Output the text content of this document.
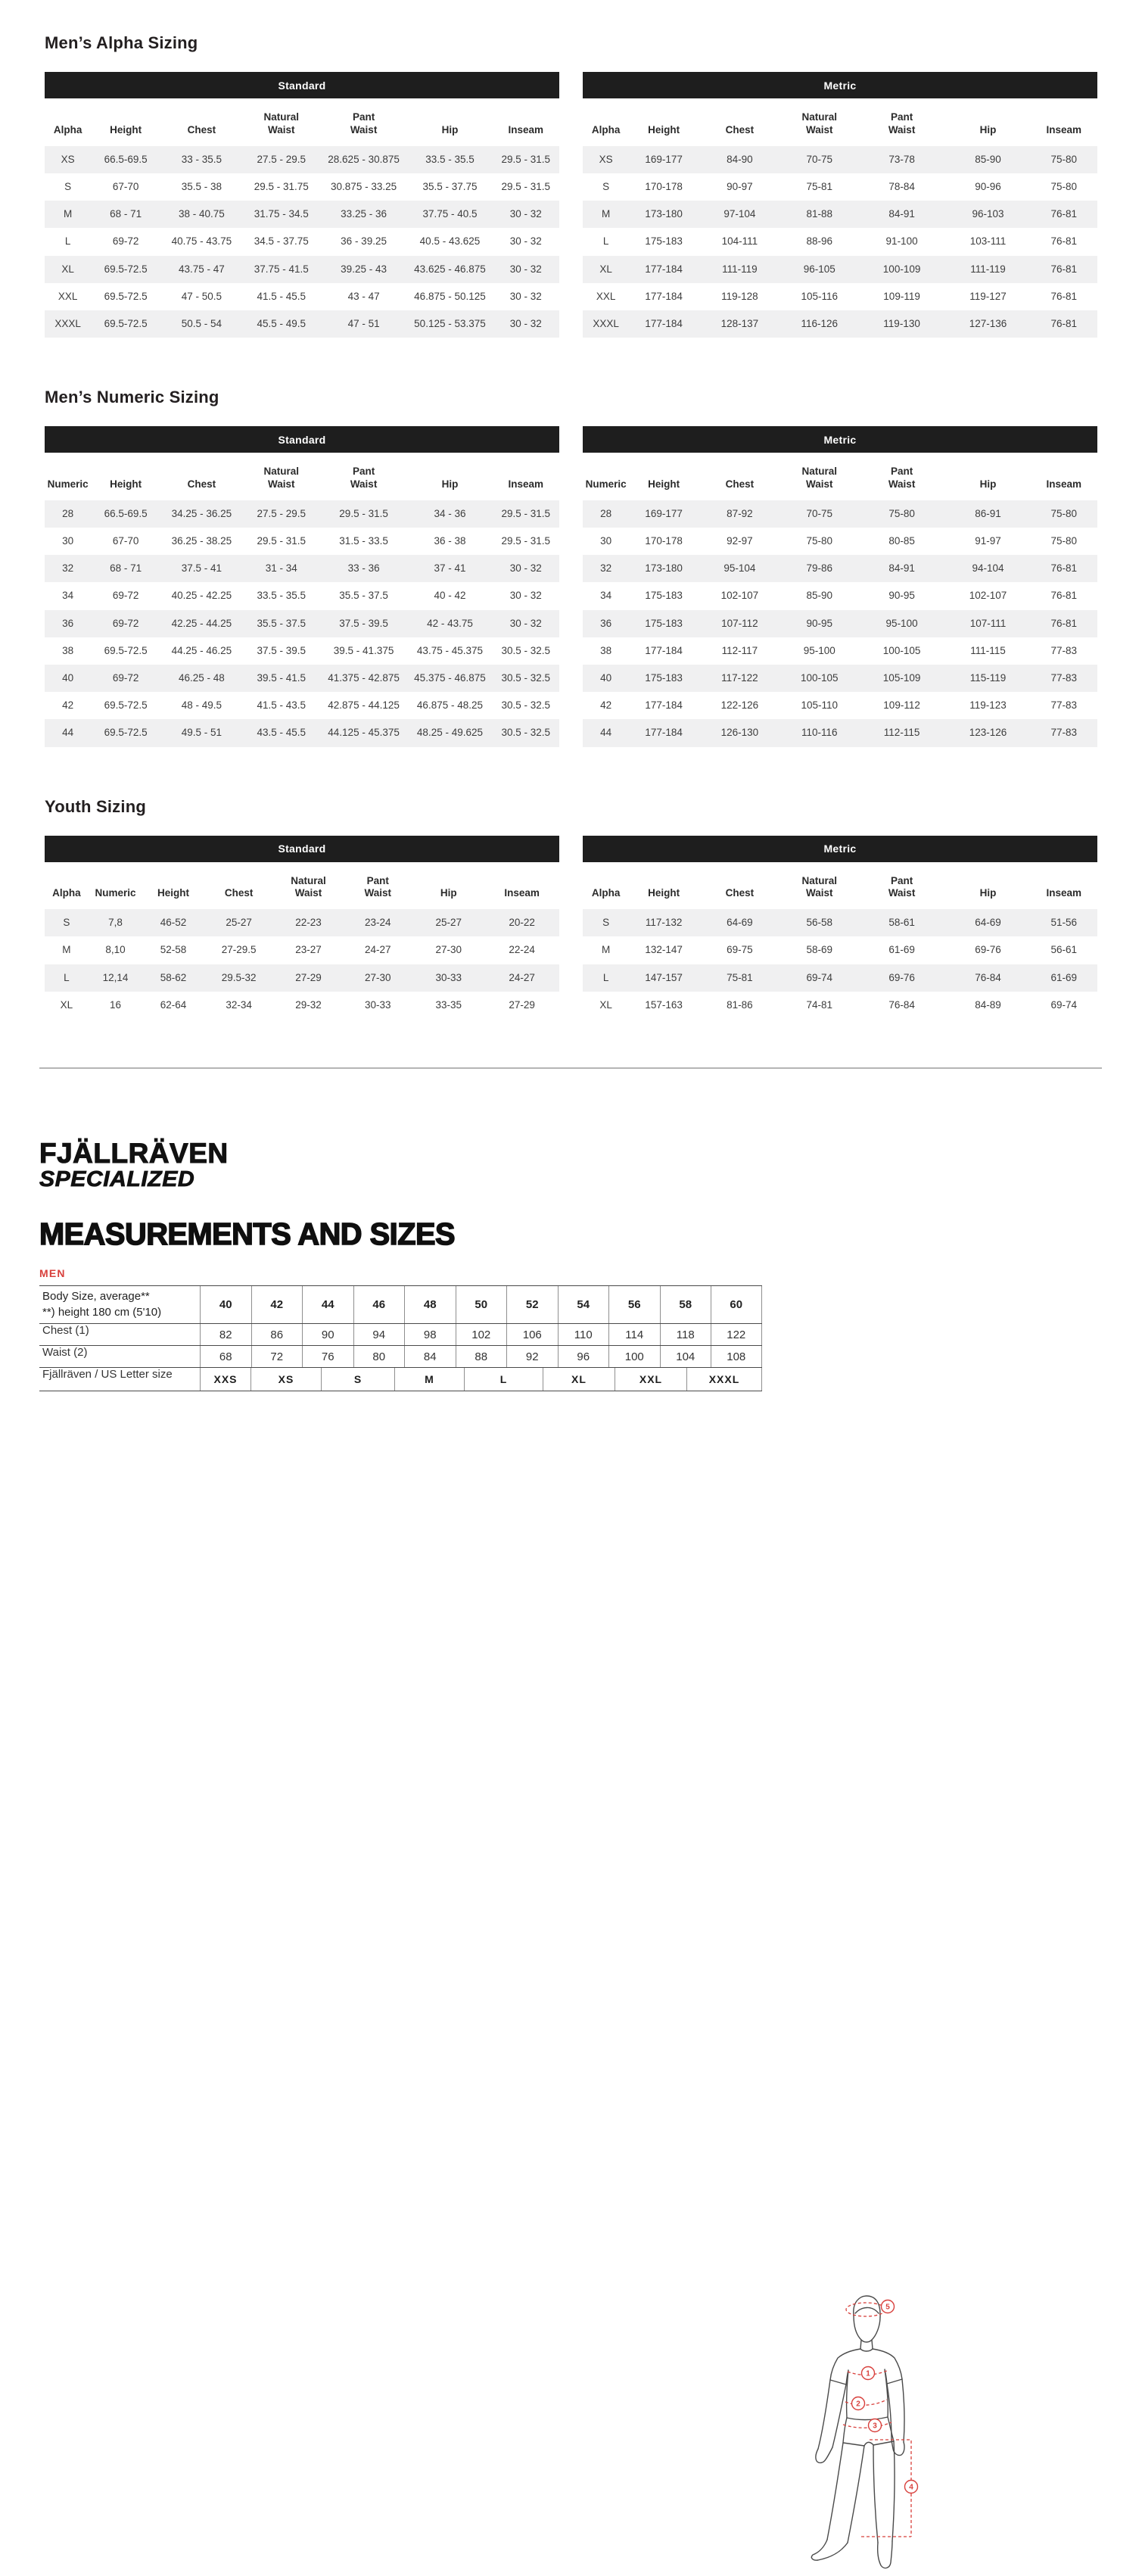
Men’s Alpha Sizing
Standard
Alpha	Height	Chest	Natural
Waist	Pant
Waist	Hip	Inseam
XS	66.5-69.5	33 - 35.5	27.5 - 29.5	28.625 - 30.875	33.5 - 35.5	29.5 - 31.5
S	67-70	35.5 - 38	29.5 - 31.75	30.875 - 33.25	35.5 - 37.75	29.5 - 31.5
M	68 - 71	38 - 40.75	31.75 - 34.5	33.25 - 36	37.75 - 40.5	30 - 32
L	69-72	40.75 - 43.75	34.5 - 37.75	36 - 39.25	40.5 - 43.625	30 - 32
XL	69.5-72.5	43.75 - 47	37.75 - 41.5	39.25 - 43	43.625 - 46.875	30 - 32
XXL	69.5-72.5	47 - 50.5	41.5 - 45.5	43 - 47	46.875 - 50.125	30 - 32
XXXL	69.5-72.5	50.5 - 54	45.5 - 49.5	47 - 51	50.125 - 53.375	30 - 32
Metric
Alpha	Height	Chest	Natural
Waist	Pant
Waist	Hip	Inseam
XS	169-177	84-90	70-75	73-78	85-90	75-80
S	170-178	90-97	75-81	78-84	90-96	75-80
M	173-180	97-104	81-88	84-91	96-103	76-81
L	175-183	104-111	88-96	91-100	103-111	76-81
XL	177-184	111-119	96-105	100-109	111-119	76-81
XXL	177-184	119-128	105-116	109-119	119-127	76-81
XXXL	177-184	128-137	116-126	119-130	127-136	76-81
Men’s Numeric Sizing
Standard
Numeric	Height	Chest	Natural
Waist	Pant
Waist	Hip	Inseam
28	66.5-69.5	34.25 - 36.25	27.5 - 29.5	29.5 - 31.5	34 - 36	29.5 - 31.5
30	67-70	36.25 - 38.25	29.5 - 31.5	31.5 - 33.5	36 - 38	29.5 - 31.5
32	68 - 71	37.5 - 41	31 - 34	33 - 36	37 - 41	30 - 32
34	69-72	40.25 - 42.25	33.5 - 35.5	35.5 - 37.5	40 - 42	30 - 32
36	69-72	42.25 - 44.25	35.5 - 37.5	37.5 - 39.5	42 - 43.75	30 - 32
38	69.5-72.5	44.25 - 46.25	37.5 - 39.5	39.5 - 41.375	43.75 - 45.375	30.5 - 32.5
40	69-72	46.25 - 48	39.5 - 41.5	41.375 - 42.875	45.375 - 46.875	30.5 - 32.5
42	69.5-72.5	48 - 49.5	41.5 - 43.5	42.875 - 44.125	46.875 - 48.25	30.5 - 32.5
44	69.5-72.5	49.5 - 51	43.5 - 45.5	44.125 - 45.375	48.25 - 49.625	30.5 - 32.5
Metric
Numeric	Height	Chest	Natural
Waist	Pant
Waist	Hip	Inseam
28	169-177	87-92	70-75	75-80	86-91	75-80
30	170-178	92-97	75-80	80-85	91-97	75-80
32	173-180	95-104	79-86	84-91	94-104	76-81
34	175-183	102-107	85-90	90-95	102-107	76-81
36	175-183	107-112	90-95	95-100	107-111	76-81
38	177-184	112-117	95-100	100-105	111-115	77-83
40	175-183	117-122	100-105	105-109	115-119	77-83
42	177-184	122-126	105-110	109-112	119-123	77-83
44	177-184	126-130	110-116	112-115	123-126	77-83
Youth Sizing
Standard
Alpha	Numeric	Height	Chest	Natural
Waist	Pant
Waist	Hip	Inseam
S	7,8	46-52	25-27	22-23	23-24	25-27	20-22
M	8,10	52-58	27-29.5	23-27	24-27	27-30	22-24
L	12,14	58-62	29.5-32	27-29	27-30	30-33	24-27
XL	16	62-64	32-34	29-32	30-33	33-35	27-29
Metric
Alpha	Height	Chest	Natural
Waist	Pant
Waist	Hip	Inseam
S	117-132	64-69	56-58	58-61	64-69	51-56
M	132-147	69-75	58-69	61-69	69-76	56-61
L	147-157	75-81	69-74	69-76	76-84	61-69
XL	157-163	81-86	74-81	76-84	84-89	69-74
FJÄLLRÄVEN
SPECIALIZED
MEASUREMENTS AND SIZES
MEN
Body Size, average**
**) height 180 cm (5'10)
40	42	44	46	48	50	52	54	56	58	60
Chest (1)	82	86	90	94	98	102	106	110	114	118	122
Waist (2)	68	72	76	80	84	88	92	96	100	104	108
Fjällräven / US Letter size	XXS	XS	S	M	L	XL	XXL	XXXL
1
2
3
4
5
